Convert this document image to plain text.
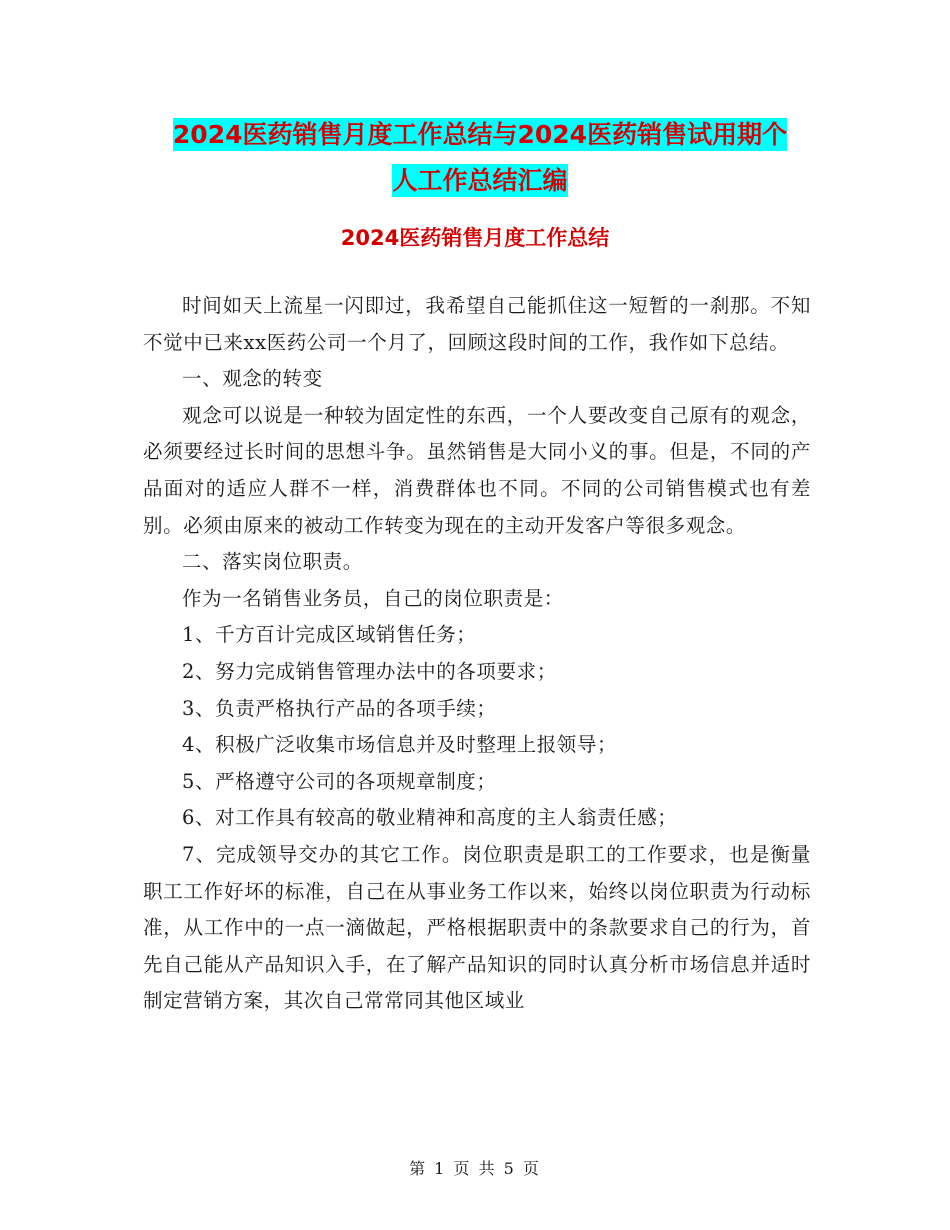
2024医药销售月度工作总结与2024医药销售试用期个
人工作总结汇编
2024医药销售月度工作总结

时间如天上流星一闪即过，我希望自己能抓住这一短暂的一刹那。不知不觉中已来xx医药公司一个月了，回顾这段时间的工作，我作如下总结。

一、观念的转变

观念可以说是一种较为固定性的东西，一个人要改变自己原有的观念，必须要经过长时间的思想斗争。虽然销售是大同小义的事。但是，不同的产品面对的适应人群不一样，消费群体也不同。不同的公司销售模式也有差别。必须由原来的被动工作转变为现在的主动开发客户等很多观念。

二、落实岗位职责。

作为一名销售业务员，自己的岗位职责是：

1、千方百计完成区域销售任务；

2、努力完成销售管理办法中的各项要求；

3、负责严格执行产品的各项手续；

4、积极广泛收集市场信息并及时整理上报领导；

5、严格遵守公司的各项规章制度；

6、对工作具有较高的敬业精神和高度的主人翁责任感；

7、完成领导交办的其它工作。岗位职责是职工的工作要求，也是衡量职工工作好坏的标准，自己在从事业务工作以来，始终以岗位职责为行动标准，从工作中的一点一滴做起，严格根据职责中的条款要求自己的行为，首先自己能从产品知识入手，在了解产品知识的同时认真分析市场信息并适时制定营销方案，其次自己常常同其他区域业

第 1 页 共 5 页
